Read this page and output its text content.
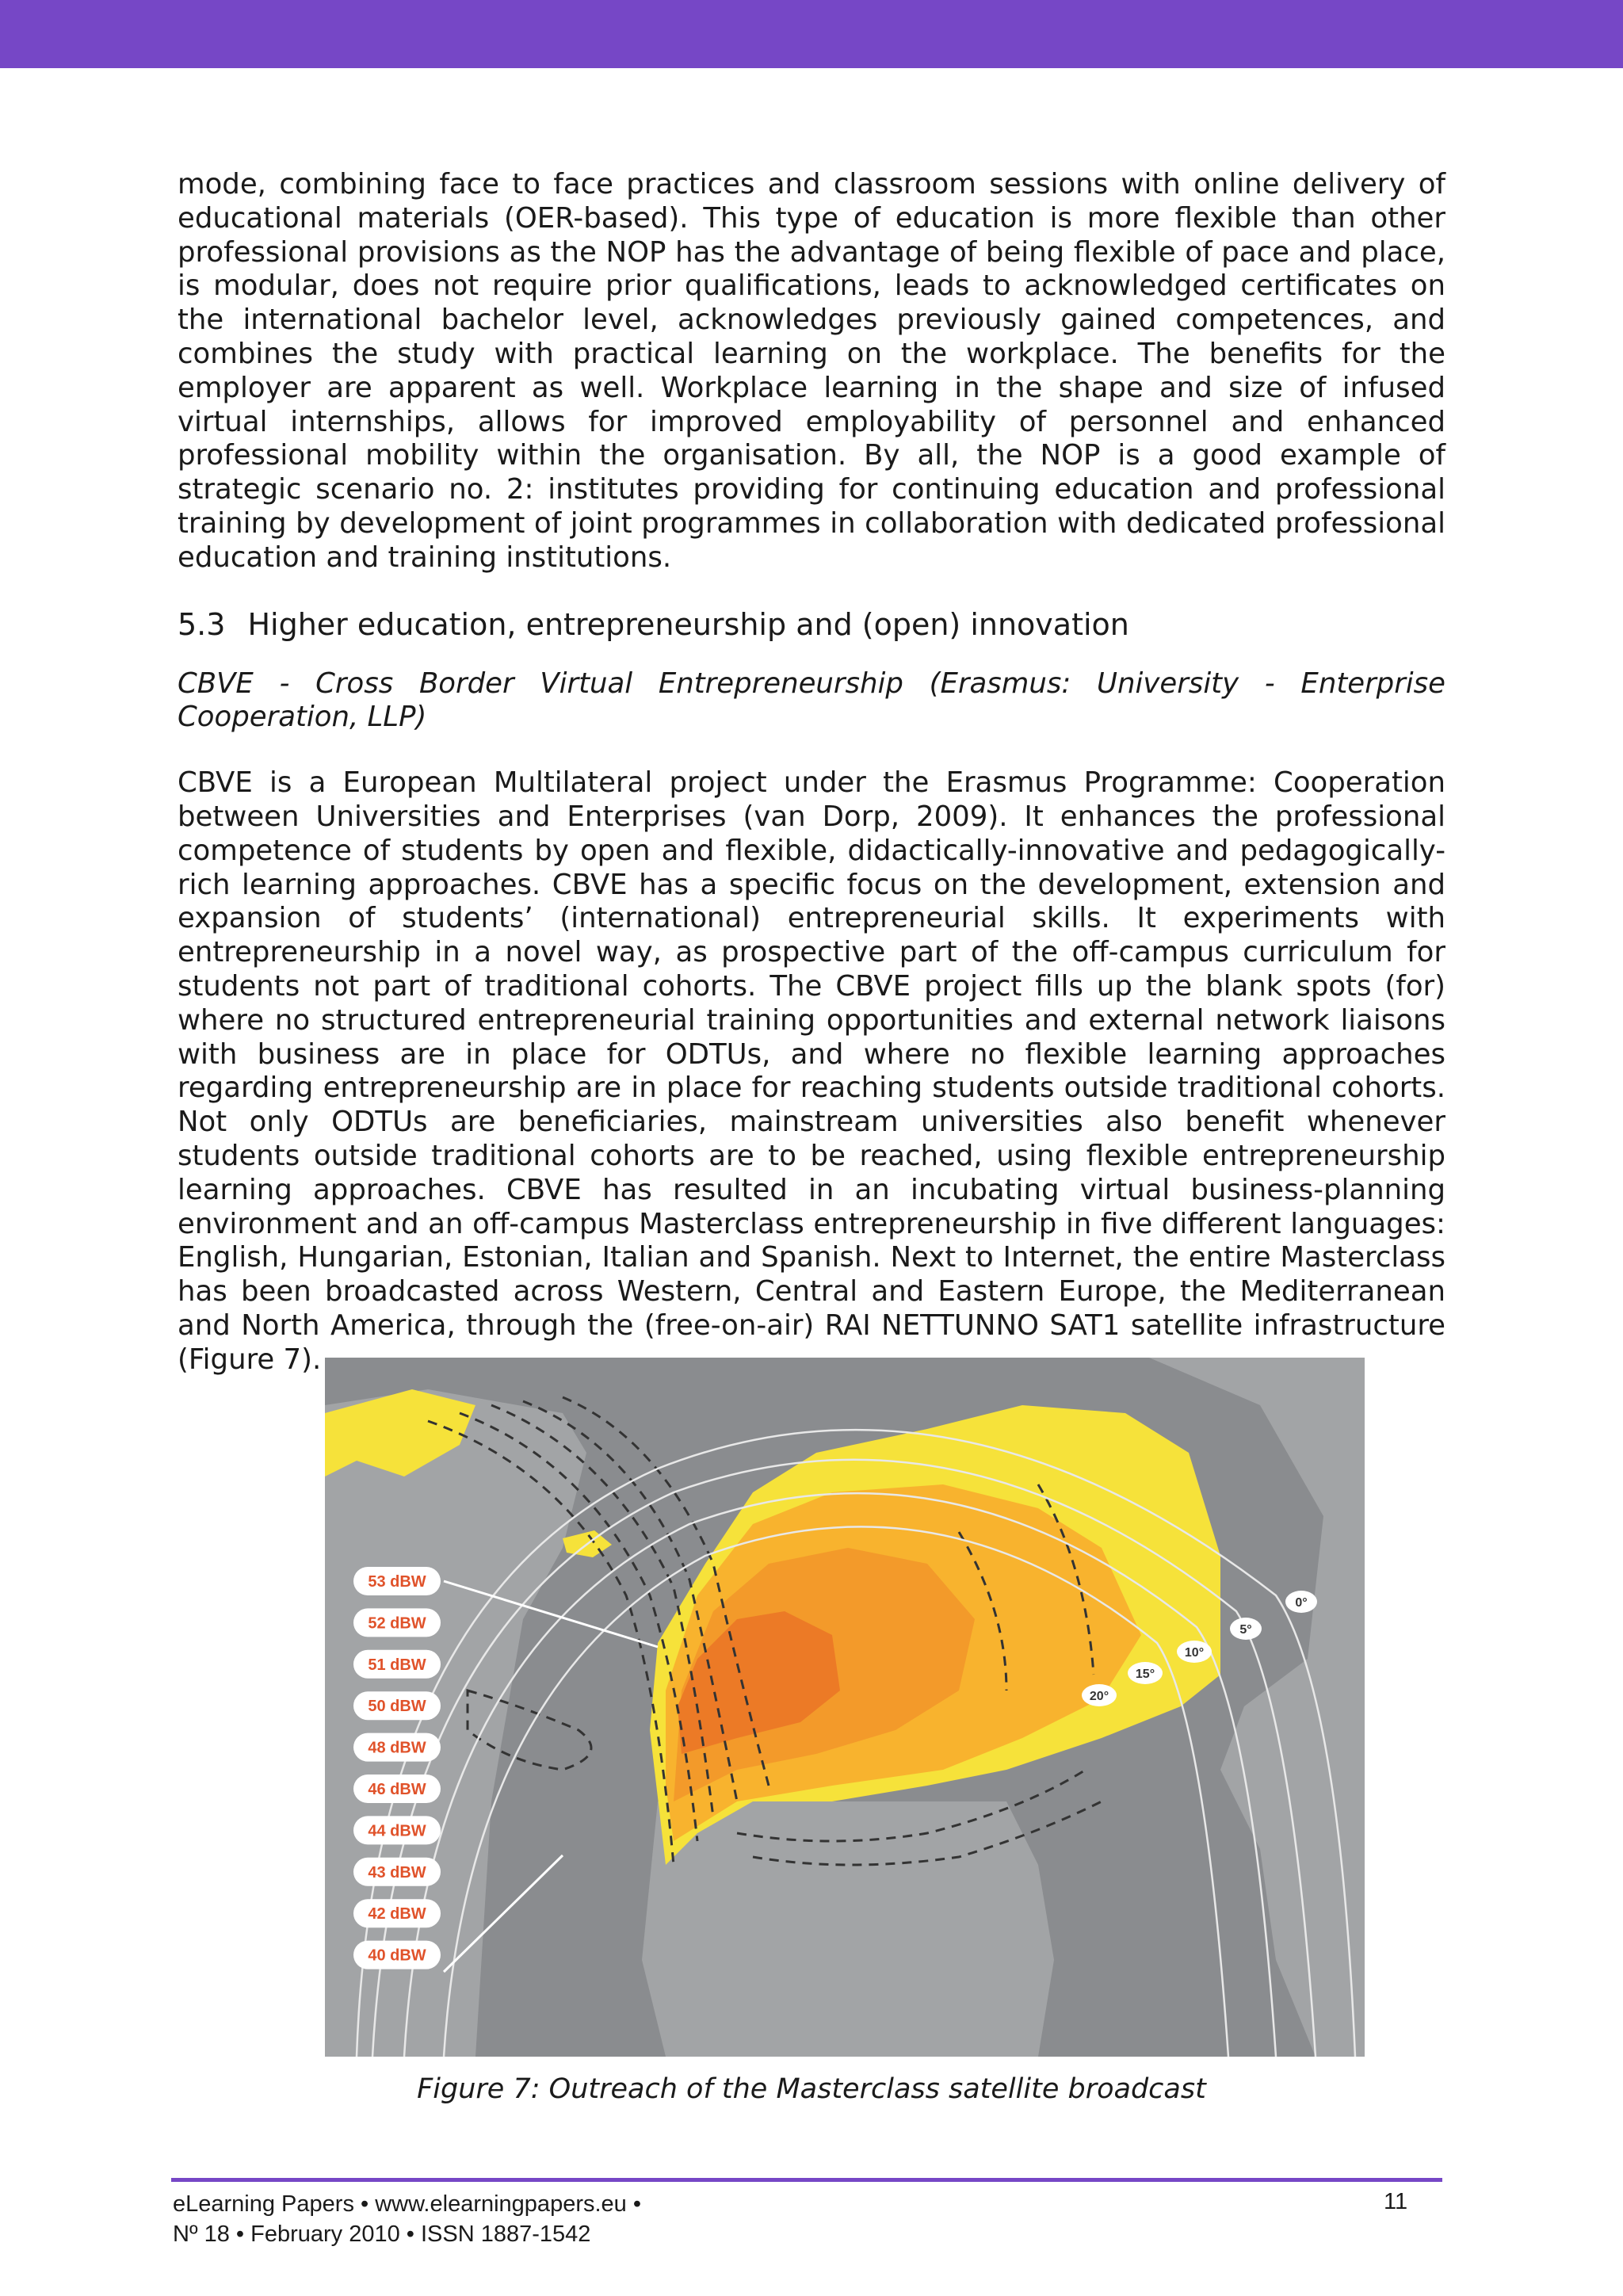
mode, combining face to face practices and classroom sessions with online delivery of educational materials (OER-based). This type of education is more flexible than other professional provisions as the NOP has the advantage of being flexible of pace and place, is modular, does not require prior qualifications, leads to acknowledged certificates on the international bachelor level, acknowledges previously gained competences, and combines the study with practical learning on the workplace. The benefits for the employer are apparent as well. Workplace learning in the shape and size of infused virtual internships, allows for improved employability of personnel and enhanced professional mobility within the organisation. By all, the NOP is a good example of strategic scenario no. 2: institutes providing for continuing education and professional training by development of joint programmes in collaboration with dedicated professional education and training institutions.

5.3 Higher education, entrepreneurship and (open) innovation

CBVE - Cross Border Virtual Entrepreneurship (Erasmus: University - Enterprise Cooperation, LLP)

CBVE is a European Multilateral project under the Erasmus Programme: Cooperation between Universities and Enterprises (van Dorp, 2009). It enhances the professional competence of students by open and flexible, didactically-innovative and pedagogically-rich learning approaches. CBVE has a specific focus on the development, extension and expansion of students’ (international) entrepreneurial skills. It experiments with entrepreneurship in a novel way, as prospective part of the off-campus curriculum for students not part of traditional cohorts. The CBVE project fills up the blank spots (for) where no structured entrepreneurial training opportunities and external network liaisons with business are in place for ODTUs, and where no flexible learning approaches regarding entrepreneurship are in place for reaching students outside traditional cohorts. Not only ODTUs are beneficiaries, mainstream universities also benefit whenever students outside traditional cohorts are to be reached, using flexible entrepreneurship learning approaches. CBVE has resulted in an incubating virtual business-planning environment and an off-campus Masterclass entrepreneurship in five different languages: English, Hungarian, Estonian, Italian and Spanish. Next to Internet, the entire Masterclass has been broadcasted across Western, Central and Eastern Europe, the Mediterranean and North America, through the (free-on-air) RAI NETTUNNO SAT1 satellite infrastructure (Figure 7).

0°
5°
10°
15°
20°
53 dBW
52 dBW
51 dBW
50 dBW
48 dBW
46 dBW
44 dBW
43 dBW
42 dBW
40 dBW
Figure 7: Outreach of the Masterclass satellite broadcast
eLearning Papers • www.elearningpapers.eu •
Nº 18 • February 2010 • ISSN 1887-1542
11
